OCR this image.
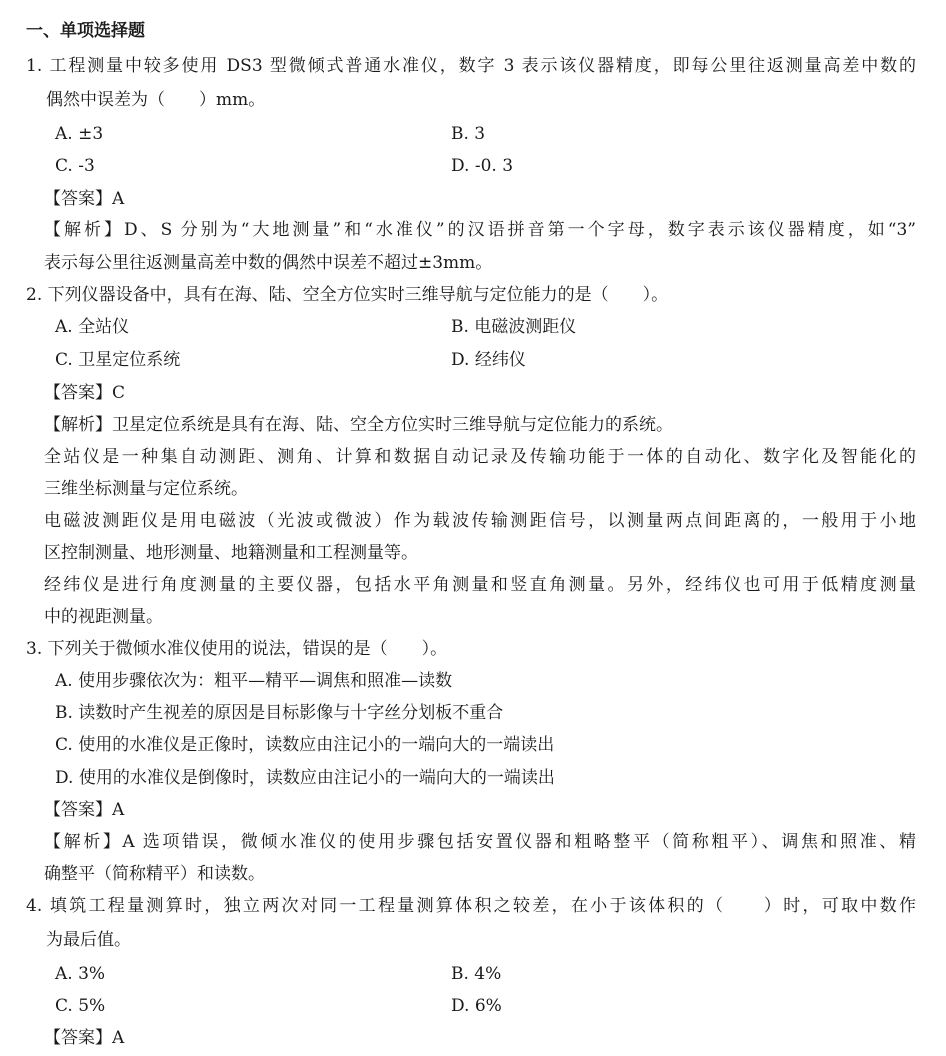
一、单项选择题
1. 工程测量中较多使用 DS3 型微倾式普通水准仪，数字 3 表示该仪器精度，即每公里往返测量高差中数的
偶然中误差为（　　）mm。
A. ±3	B. 3
C. -3	D. -0. 3
【答案】A
【解析】D、S 分别为“大地测量”和“水准仪”的汉语拼音第一个字母，数字表示该仪器精度，如“3”
表示每公里往返测量高差中数的偶然中误差不超过±3mm。
2. 下列仪器设备中，具有在海、陆、空全方位实时三维导航与定位能力的是（　　）。
A. 全站仪	B. 电磁波测距仪
C. 卫星定位系统	D. 经纬仪
【答案】C
【解析】卫星定位系统是具有在海、陆、空全方位实时三维导航与定位能力的系统。
全站仪是一种集自动测距、测角、计算和数据自动记录及传输功能于一体的自动化、数字化及智能化的
三维坐标测量与定位系统。
电磁波测距仪是用电磁波（光波或微波）作为载波传输测距信号，以测量两点间距离的，一般用于小地
区控制测量、地形测量、地籍测量和工程测量等。
经纬仪是进行角度测量的主要仪器，包括水平角测量和竖直角测量。另外，经纬仪也可用于低精度测量
中的视距测量。
3. 下列关于微倾水准仪使用的说法，错误的是（　　）。
A. 使用步骤依次为：粗平—精平—调焦和照准—读数
B. 读数时产生视差的原因是目标影像与十字丝分划板不重合
C. 使用的水准仪是正像时，读数应由注记小的一端向大的一端读出
D. 使用的水准仪是倒像时，读数应由注记小的一端向大的一端读出
【答案】A
【解析】A 选项错误，微倾水准仪的使用步骤包括安置仪器和粗略整平（简称粗平）、调焦和照准、精
确整平（简称精平）和读数。
4. 填筑工程量测算时，独立两次对同一工程量测算体积之较差，在小于该体积的（　　）时，可取中数作
为最后值。
A. 3%	B. 4%
C. 5%	D. 6%
【答案】A
